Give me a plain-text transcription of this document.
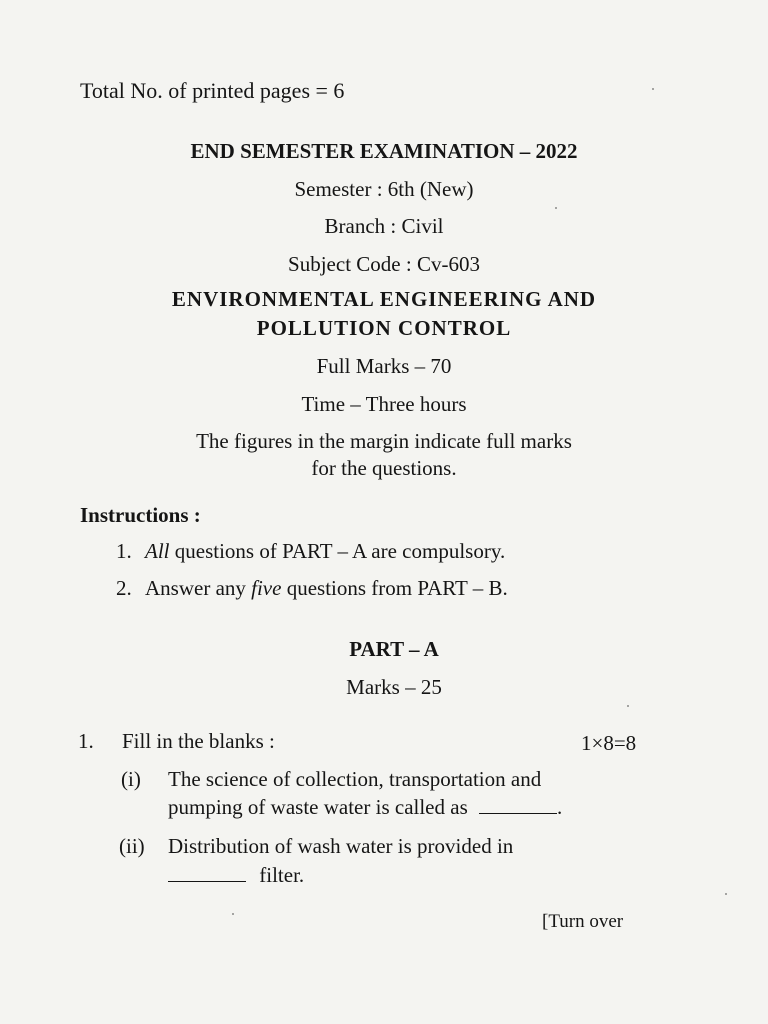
Total No. of printed pages = 6
END SEMESTER EXAMINATION – 2022
Semester : 6th (New)
Branch : Civil
Subject Code : Cv-603
ENVIRONMENTAL ENGINEERING AND
POLLUTION CONTROL
Full Marks – 70
Time – Three hours
The figures in the margin indicate full marks
for the questions.
Instructions :
1. All questions of PART – A are compulsory.
2. Answer any five questions from PART – B.
PART – A
Marks – 25
1. Fill in the blanks :	1×8=8
(i) The science of collection, transportation and
pumping of waste water is called as	.
(ii) Distribution of wash water is provided in
filter.
[Turn over
